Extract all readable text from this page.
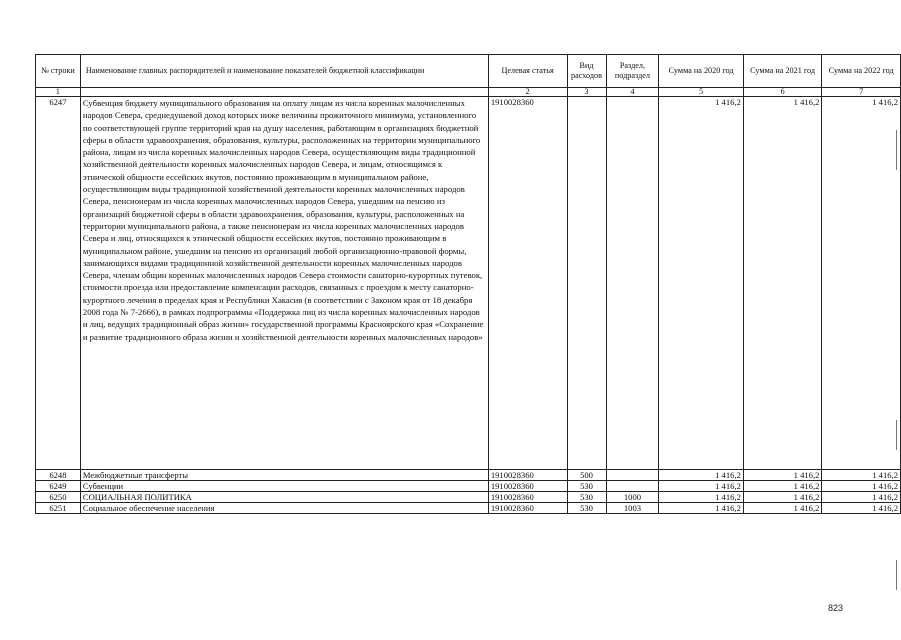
№ строки	Наименование главных распорядителей и наименование показателей бюджетной классификации	Целевая статья	Вид расходов	Раздел, подраздел	Сумма на 2020 год	Сумма на 2021 год	Сумма на 2022 год
1		2	3	4	5	6	7
6247	Субвенция бюджету муниципального образования на оплату лицам из числа коренных малочисленных народов Севера, среднедушевой доход которых ниже величины прожиточного минимума, установленного по соответствующей группе территорий края на душу населения, работающим в организациях бюджетной сферы в области здравоохранения, образования, культуры, расположенных на территории муниципального района, лицам из числа коренных малочисленных народов Севера, осуществляющим виды традиционной хозяйственной деятельности коренных малочисленных народов Севера, и лицам, относящимся к этнической общности ессейских якутов, постоянно проживающим в муниципальном районе, осуществляющим виды традиционной хозяйственной деятельности коренных малочисленных народов Севера, пенсионерам из числа коренных малочисленных народов Севера, ушедшим на пенсию из организаций бюджетной сферы в области здравоохранения, образования, культуры, расположенных на территории муниципального района, а также пенсионерам из числа коренных малочисленных народов Севера и лиц, относящихся к этнической общности ессейских якутов, постоянно проживающим в муниципальном районе, ушедшим на пенсию из организаций любой организационно-правовой формы, занимающихся видами традиционной хозяйственной деятельности коренных малочисленных народов Севера, членам общин коренных малочисленных народов Севера стоимости санаторно-курортных путевок, стоимости проезда или предоставление компенсации расходов, связанных с проездом к месту санаторно-курортного лечения в пределах края и Республики Хакасия (в соответствии с Законом края от 18 декабря 2008 года № 7-2666), в рамках подпрограммы «Поддержка лиц из числа коренных малочисленных народов и лиц, ведущих традиционный образ жизни» государственной программы Красноярского края «Сохранение и развитие традиционного образа жизни и хозяйственной деятельности коренных малочисленных народов»	1910028360			1 416,2	1 416,2	1 416,2
6248	Межбюджетные трансферты	1910028360	500		1 416,2	1 416,2	1 416,2
6249	Субвенции	1910028360	530		1 416,2	1 416,2	1 416,2
6250	СОЦИАЛЬНАЯ ПОЛИТИКА	1910028360	530	1000	1 416,2	1 416,2	1 416,2
6251	Социальное обеспечение населения	1910028360	530	1003	1 416,2	1 416,2	1 416,2
823
